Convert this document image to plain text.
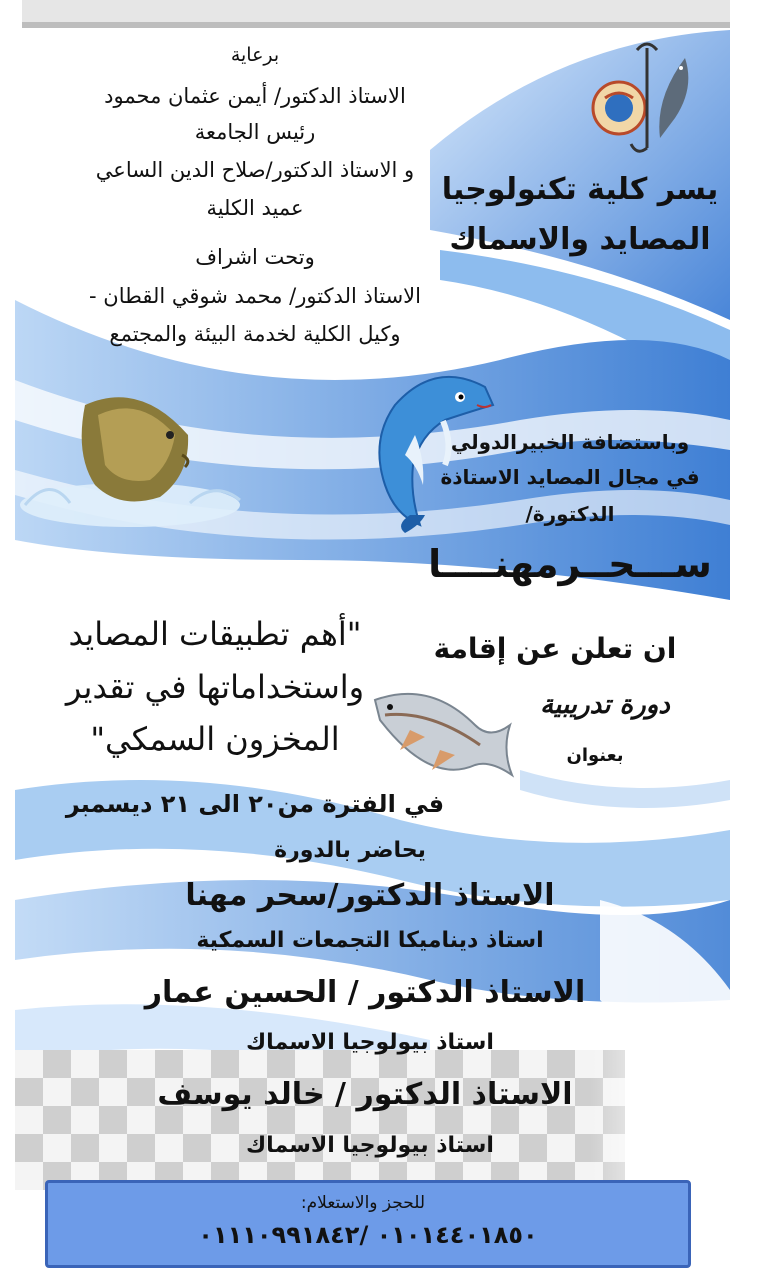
برعاية
الاستاذ الدكتور/ أيمن عثمان محمود
رئيس الجامعة
و الاستاذ الدكتور/صلاح الدين الساعي
عميد الكلية
وتحت اشراف
الاستاذ الدكتور/ محمد شوقي القطان -
وكيل الكلية لخدمة البيئة والمجتمع
يسر كلية تكنولوجيا
المصايد والاسماك
وباستضافة الخبيرالدولي
في مجال المصايد الاستاذة
الدكتورة/
ســـحــرمهنــــا
"أهم تطبيقات المصايد
واستخداماتها في تقدير
المخزون السمكي"
ان تعلن عن إقامة
دورة تدريبية
بعنوان
في الفترة من٢٠ الى ٢١ ديسمبر
يحاضر بالدورة
الاستاذ الدكتور/سحر مهنا
استاذ ديناميكا التجمعات السمكية
الاستاذ الدكتور / الحسين عمار
استاذ بيولوجيا الاسماك
الاستاذ الدكتور / خالد يوسف
استاذ بيولوجيا الاسماك
للحجز والاستعلام:
٠١٠١٤٤٠١٨٥٠ /٠١١١٠٩٩١٨٤٢
